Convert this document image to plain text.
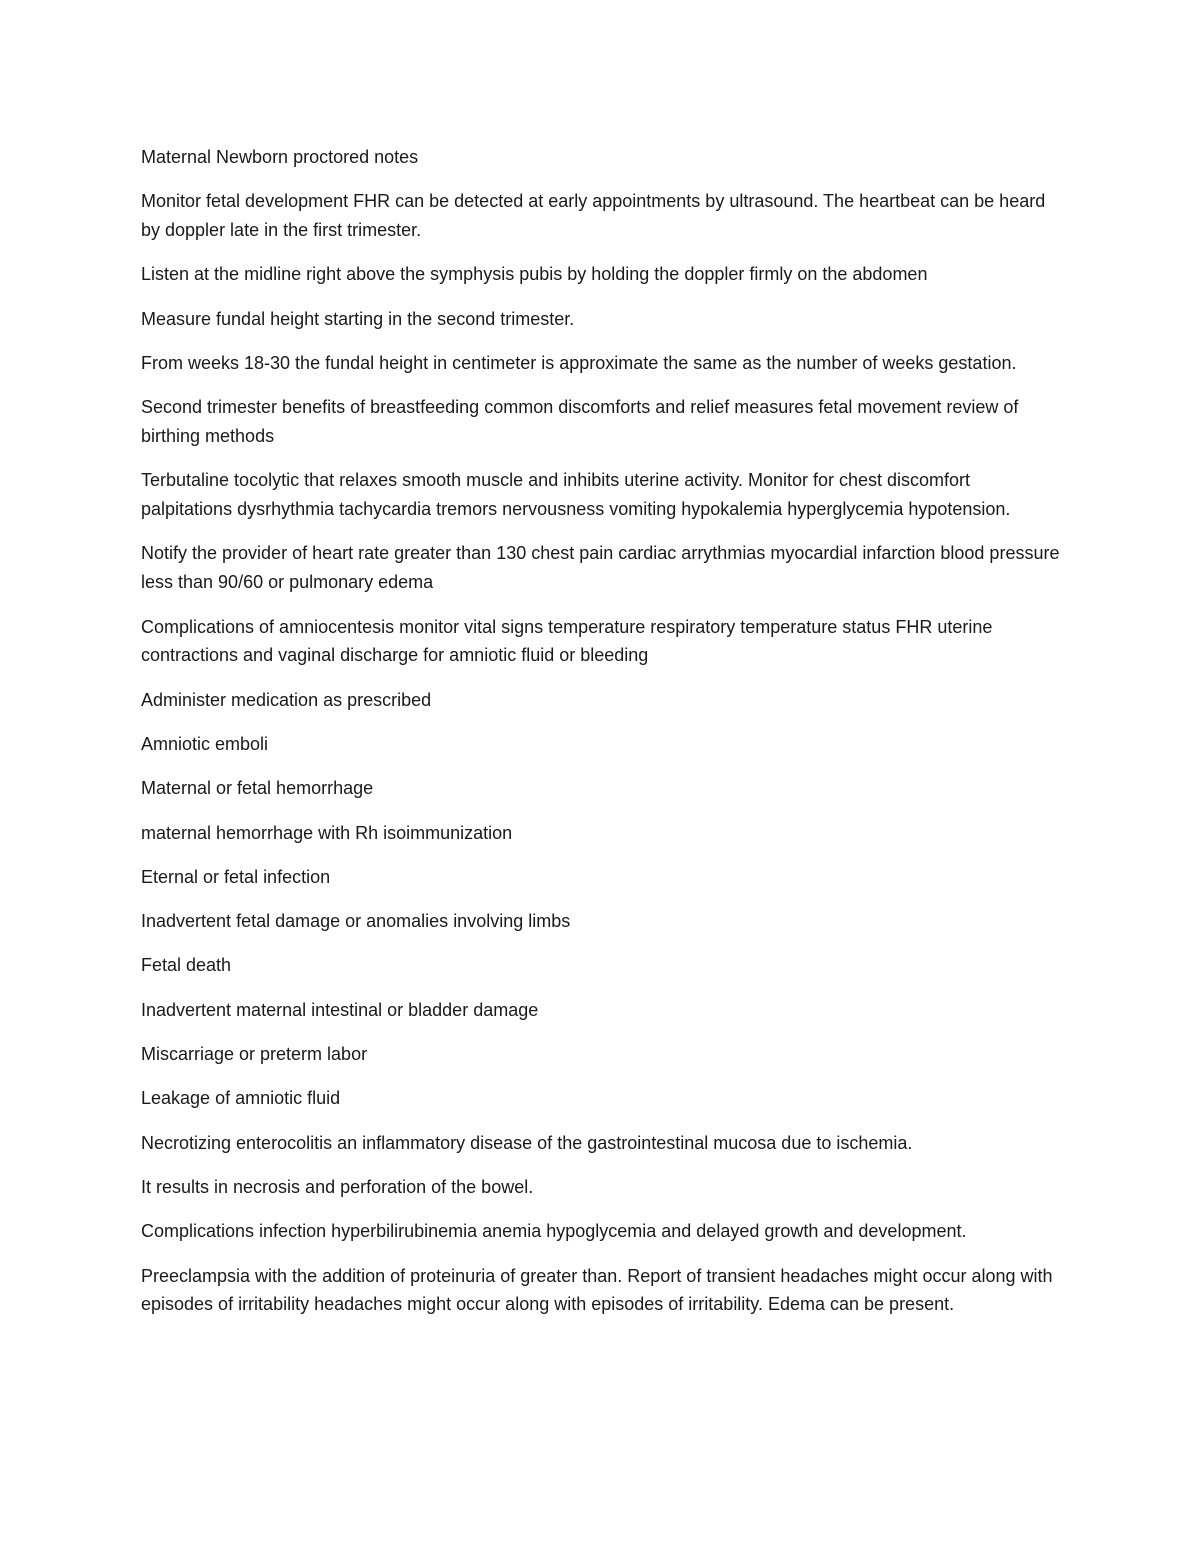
Maternal Newborn proctored notes

Monitor fetal development FHR can be detected at early appointments by ultrasound. The heartbeat can be heard by doppler late in the first trimester.

Listen at the midline right above the symphysis pubis by holding the doppler firmly on the abdomen

Measure fundal height starting in the second trimester.

From weeks 18-30 the fundal height in centimeter is approximate the same as the number of weeks gestation.

Second trimester benefits of breastfeeding common discomforts and relief measures fetal movement review of birthing methods

Terbutaline tocolytic that relaxes smooth muscle and inhibits uterine activity. Monitor for chest discomfort palpitations dysrhythmia tachycardia tremors nervousness vomiting hypokalemia hyperglycemia hypotension.

Notify the provider of heart rate greater than 130 chest pain cardiac arrythmias myocardial infarction blood pressure less than 90/60 or pulmonary edema

Complications of amniocentesis monitor vital signs temperature respiratory temperature status FHR uterine contractions and vaginal discharge for amniotic fluid or bleeding

Administer medication as prescribed

Amniotic emboli

Maternal or fetal hemorrhage

maternal hemorrhage with Rh isoimmunization

Eternal or fetal infection

Inadvertent fetal damage or anomalies involving limbs

Fetal death

Inadvertent maternal intestinal or bladder damage

Miscarriage or preterm labor

Leakage of amniotic fluid

Necrotizing enterocolitis an inflammatory disease of the gastrointestinal mucosa due to ischemia.

It results in necrosis and perforation of the bowel.

Complications infection hyperbilirubinemia anemia hypoglycemia and delayed growth and development.

Preeclampsia with the addition of proteinuria of greater than. Report of transient headaches might occur along with episodes of irritability headaches might occur along with episodes of irritability. Edema can be present.
